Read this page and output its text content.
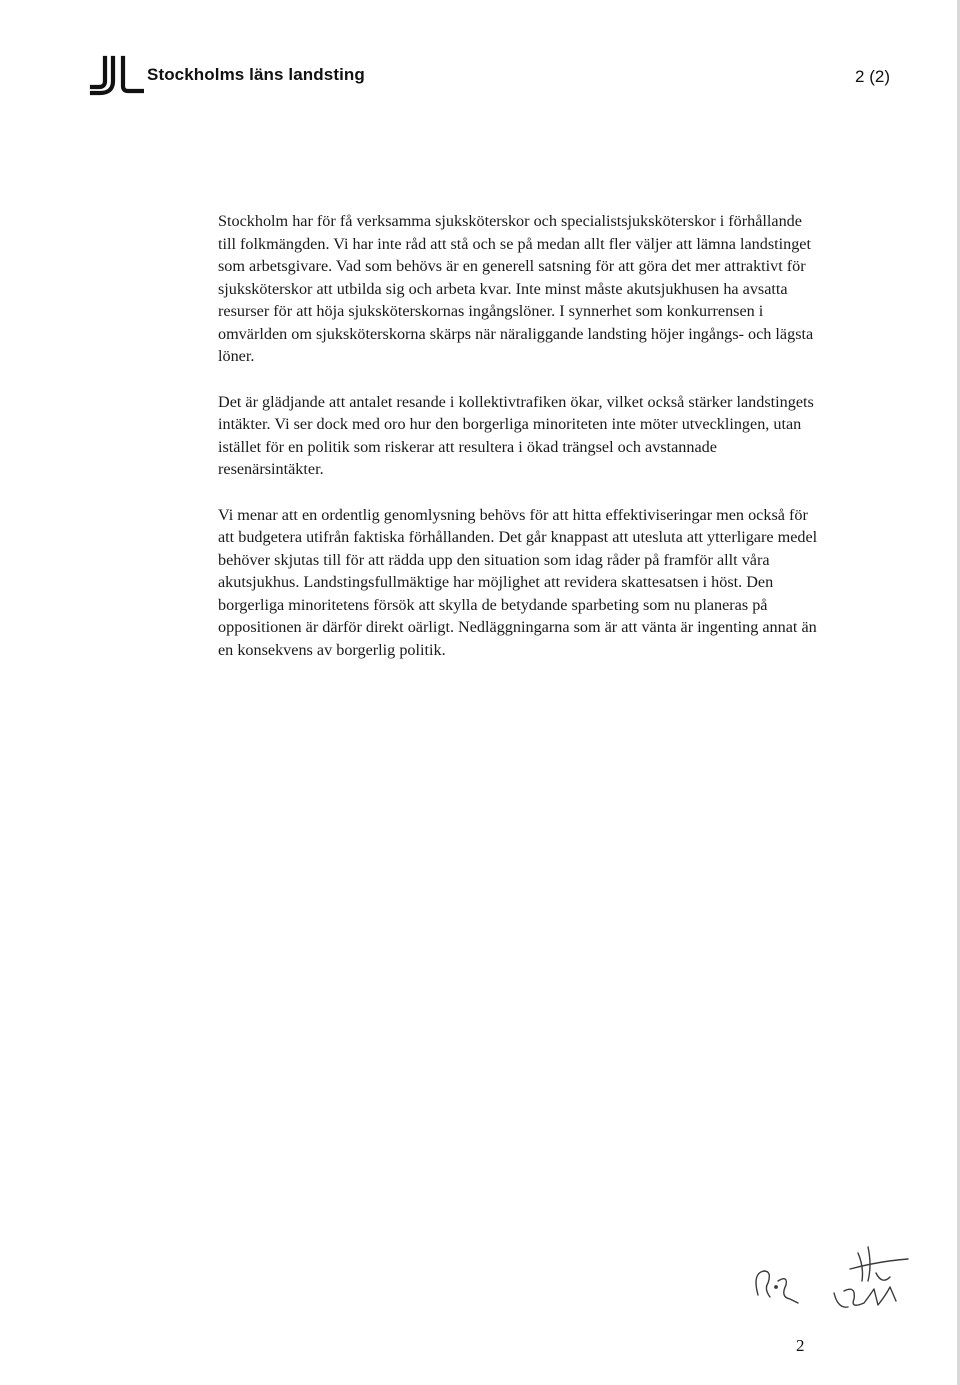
Stockholms läns landsting	2 (2)

Stockholm har för få verksamma sjuksköterskor och specialistsjuksköterskor i förhållande till folkmängden. Vi har inte råd att stå och se på medan allt fler väljer att lämna landstinget som arbetsgivare. Vad som behövs är en generell satsning för att göra det mer attraktivt för sjuksköterskor att utbilda sig och arbeta kvar. Inte minst måste akutsjukhusen ha avsatta resurser för att höja sjuksköterskornas ingångslöner. I synnerhet som konkurrensen i omvärlden om sjuksköterskorna skärps när näraliggande landsting höjer ingångs- och lägsta löner.

Det är glädjande att antalet resande i kollektivtrafiken ökar, vilket också stärker landstingets intäkter. Vi ser dock med oro hur den borgerliga minoriteten inte möter utvecklingen, utan istället för en politik som riskerar att resultera i ökad trängsel och avstannade resenärsintäkter.

Vi menar att en ordentlig genomlysning behövs för att hitta effektiviseringar men också för att budgetera utifrån faktiska förhållanden. Det går knappast att utesluta att ytterligare medel behöver skjutas till för att rädda upp den situation som idag råder på framför allt våra akutsjukhus. Landstingsfullmäktige har möjlighet att revidera skattesatsen i höst. Den borgerliga minoritetens försök att skylla de betydande sparbeting som nu planeras på oppositionen är därför direkt oärligt. Nedläggningarna som är att vänta är ingenting annat än en konsekvens av borgerlig politik.

2
